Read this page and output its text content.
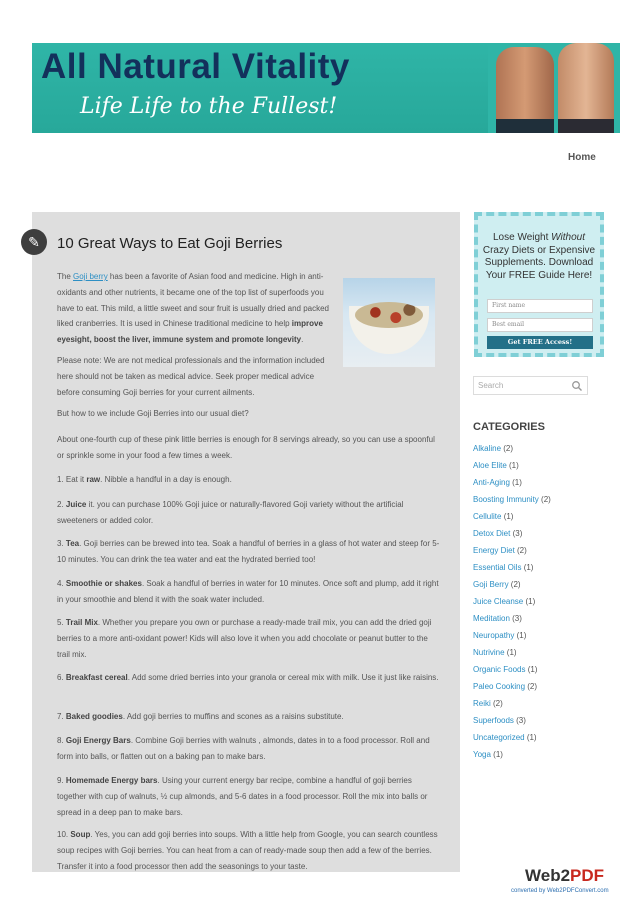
All Natural Vitality
Life Life to the Fullest!
Home
✎	10 Great Ways to Eat Goji Berries
The Goji berry has been a favorite of Asian food and medicine. High in anti-oxidants and other nutrients, it became one of the top list of superfoods you have to eat. This mild, a little sweet and sour fruit is usually dried and packed liked cranberries. It is used in Chinese traditional medicine to help improve eyesight, boost the liver, immune system and promote longevity.
Please note: We are not medical professionals and the information included here should not be taken as medical advice. Seek proper medical advice before consuming Goji berries for your current ailments.
But how to we include Goji Berries into our usual diet?
About one-fourth cup of these pink little berries is enough for 8 servings already, so you can use a spoonful or sprinkle some in your food a few times a week.
1. Eat it raw. Nibble a handful in a day is enough.
2. Juice it. you can purchase 100% Goji juice or naturally-flavored Goji variety without the artificial sweeteners or added color.
3. Tea. Goji berries can be brewed into tea. Soak a handful of berries in a glass of hot water and steep for 5-10 minutes. You can drink the tea water and eat the hydrated berried too!
4. Smoothie or shakes. Soak a handful of berries in water for 10 minutes. Once soft and plump, add it right in your smoothie and blend it with the soak water included.
5. Trail Mix. Whether you prepare you own or purchase a ready-made trail mix, you can add the dried goji berries to a more anti-oxidant power! Kids will also love it when you add chocolate or peanut butter to the trail mix.
6. Breakfast cereal. Add some dried berries into your granola or cereal mix with milk. Use it just like raisins.
7. Baked goodies. Add goji berries to muffins and scones as a raisins substitute.
8. Goji Energy Bars. Combine Goji berries with walnuts , almonds, dates in to a food processor. Roll and form into balls, or flatten out on a baking pan to make bars.
9. Homemade Energy bars. Using your current energy bar recipe, combine a handful of goji berries together with cup of walnuts, ½ cup almonds, and 5-6 dates in a food processor. Roll the mix into balls or spread in a deep pan to make bars.
10. Soup. Yes, you can add goji berries into soups. With a little help from Google, you can search countless soup recipes with Goji berries. You can heat from a can of ready-made soup then add a few of the berries. Transfer it into a food processor then add the seasonings to your taste.
Lose Weight Without Crazy Diets or Expensive Supplements. Download Your FREE Guide Here!
First name
Best email
Get FREE Access!
Search
CATEGORIES
Alkaline (2)
Aloe Elite (1)
Anti-Aging (1)
Boosting Immunity (2)
Cellulite (1)
Detox Diet (3)
Energy Diet (2)
Essential Oils (1)
Goji Berry (2)
Juice Cleanse (1)
Meditation (3)
Neuropathy (1)
Nutrivine (1)
Organic Foods (1)
Paleo Cooking (2)
Reiki (2)
Superfoods (3)
Uncategorized (1)
Yoga (1)
Web2PDF
converted by Web2PDFConvert.com
